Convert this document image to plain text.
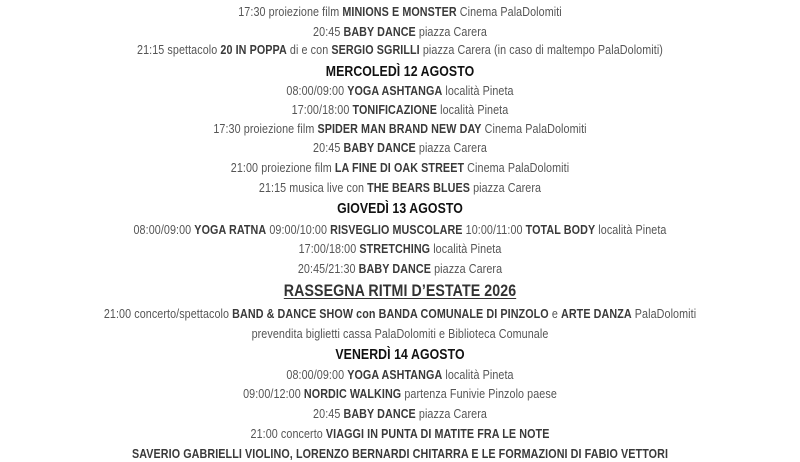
17:30 proiezione film MINIONS E MONSTER Cinema PalaDolomiti
20:45 BABY DANCE piazza Carera
21:15 spettacolo 20 IN POPPA di e con SERGIO SGRILLI piazza Carera (in caso di maltempo PalaDolomiti)
MERCOLEDÌ 12 AGOSTO
08:00/09:00 YOGA ASHTANGA località Pineta
17:00/18:00 TONIFICAZIONE località Pineta
17:30 proiezione film SPIDER MAN BRAND NEW DAY Cinema PalaDolomiti
20:45 BABY DANCE piazza Carera
21:00 proiezione film LA FINE DI OAK STREET Cinema PalaDolomiti
21:15 musica live con THE BEARS BLUES piazza Carera
GIOVEDÌ 13 AGOSTO
08:00/09:00 YOGA RATNA 09:00/10:00 RISVEGLIO MUSCOLARE 10:00/11:00 TOTAL BODY località Pineta
17:00/18:00 STRETCHING località Pineta
20:45/21:30 BABY DANCE piazza Carera
RASSEGNA RITMI D’ESTATE 2026
21:00 concerto/spettacolo BAND & DANCE SHOW con BANDA COMUNALE DI PINZOLO e ARTE DANZA PalaDolomiti
prevendita biglietti cassa PalaDolomiti e Biblioteca Comunale
VENERDÌ 14 AGOSTO
08:00/09:00 YOGA ASHTANGA località Pineta
09:00/12:00 NORDIC WALKING partenza Funivie Pinzolo paese
20:45 BABY DANCE piazza Carera
21:00 concerto VIAGGI IN PUNTA DI MATITE FRA LE NOTE
SAVERIO GABRIELLI VIOLINO, LORENZO BERNARDI CHITARRA E LE FORMAZIONI DI FABIO VETTORI
